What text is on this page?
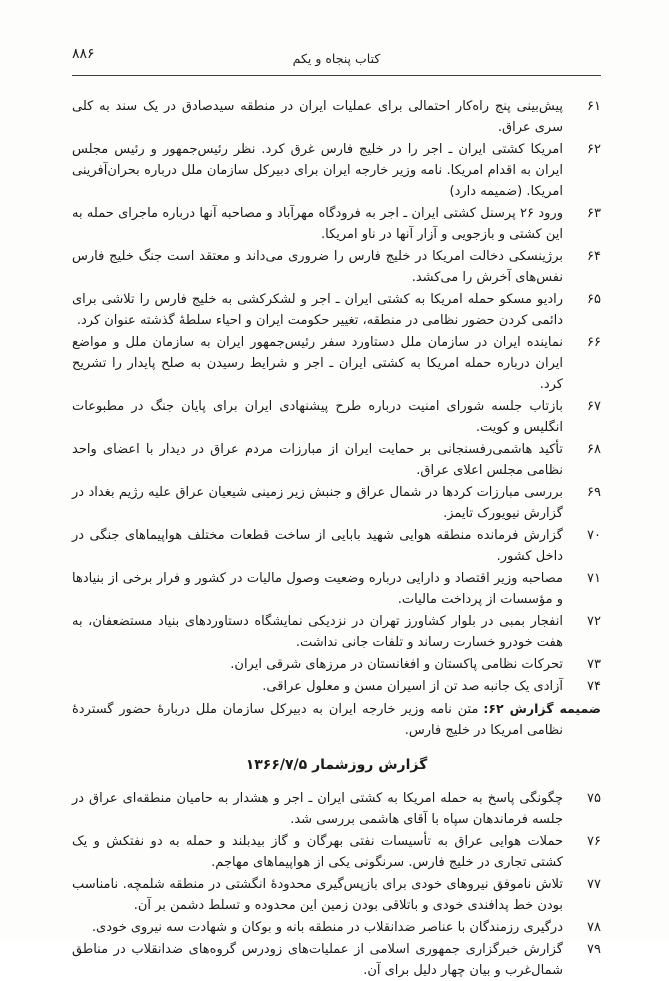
کتاب پنجاه و یکم
۸۸۶
۶۱
پیش‌بینی پنج راه‌کار احتمالی برای عملیات ایران در منطقه سیدصادق در یک سند به کلی سری عراق.
۶۲
امریکا کشتی ایران ـ اجر را در خلیج فارس غرق کرد. نظر رئیس‌جمهور و رئیس مجلس ایران به اقدام امریکا. نامه وزیر خارجه ایران برای دبیرکل سازمان ملل درباره بحران‌آفرینی امریکا. (ضمیمه دارد)
۶۳
ورود ۲۶ پرسنل کشتی ایران ـ اجر به فرودگاه مهرآباد و مصاحبه آنها درباره ماجرای حمله به این کشتی و بازجویی و آزار آنها در ناو امریکا.
۶۴
برژینسکی دخالت امریکا در خلیج فارس را ضروری می‌داند و معتقد است جنگ خلیج فارس نفس‌های آخرش را می‌کشد.
۶۵
رادیو مسکو حمله امریکا به کشتی ایران ـ اجر و لشکرکشی به خلیج فارس را تلاشی برای دائمی کردن حضور نظامی در منطقه، تغییر حکومت ایران و احیاء سلطهٔ گذشته عنوان کرد.
۶۶
نماینده ایران در سازمان ملل دستاورد سفر رئیس‌جمهور ایران به سازمان ملل و مواضع ایران درباره حمله امریکا به کشتی ایران ـ اجر و شرایط رسیدن به صلح پایدار را تشریح کرد.
۶۷
بازتاب جلسه شورای امنیت درباره طرح پیشنهادی ایران برای پایان جنگ در مطبوعات انگلیس و کویت.
۶۸
تأکید هاشمی‌رفسنجانی بر حمایت ایران از مبارزات مردم عراق در دیدار با اعضای واحد نظامی مجلس اعلای عراق.
۶۹
بررسی مبارزات کردها در شمال عراق و جنبش زیر زمینی شیعیان عراق علیه رژیم بغداد در گزارش نیویورک تایمز.
۷۰
گزارش فرمانده منطقه هوایی شهید بابایی از ساخت قطعات مختلف هواپیماهای جنگی در داخل کشور.
۷۱
مصاحبه وزیر اقتصاد و دارایی درباره وضعیت وصول مالیات در کشور و فرار برخی از بنیادها و مؤسسات از پرداخت مالیات.
۷۲
انفجار بمبی در بلوار کشاورز تهران در نزدیکی نمایشگاه دستاوردهای بنیاد مستضعفان، به هفت خودرو خسارت رساند و تلفات جانی نداشت.
۷۳
تحرکات نظامی پاکستان و افغانستان در مرزهای شرقی ایران.
۷۴
آزادی یک جانبه صد تن از اسیران مسن و معلول عراقی.
ضمیمه گزارش ۶۲:متن نامه وزیر خارجه ایران به دبیرکل سازمان ملل دربارهٔ حضور گستردهٔ نظامی امریکا در خلیج فارس.
گزارش روزشمار ۱۳۶۶/۷/۵
۷۵
چگونگی پاسخ به حمله امریکا به کشتی ایران ـ اجر و هشدار به حامیان منطقه‌ای عراق در جلسه فرماندهان سپاه با آقای هاشمی بررسی شد.
۷۶
حملات هوایی عراق به تأسیسات نفتی بهرگان و گاز بیدبلند و حمله به دو نفتکش و یک کشتی تجاری در خلیج فارس. سرنگونی یکی از هواپیماهای مهاجم.
۷۷
تلاش ناموفق نیروهای خودی برای بازپس‌گیری محدودهٔ انگشتی در منطقه شلمچه. نامناسب بودن خط پدافندی خودی و باتلاقی بودن زمین این محدوده و تسلط دشمن بر آن.
۷۸
درگیری رزمندگان با عناصر ضدانقلاب در منطقه بانه و بوکان و شهادت سه نیروی خودی.
۷۹
گزارش خبرگزاری جمهوری اسلامی از عملیات‌های زودرس گروه‌های ضدانقلاب در مناطق شمال‌غرب و بیان چهار دلیل برای آن.
